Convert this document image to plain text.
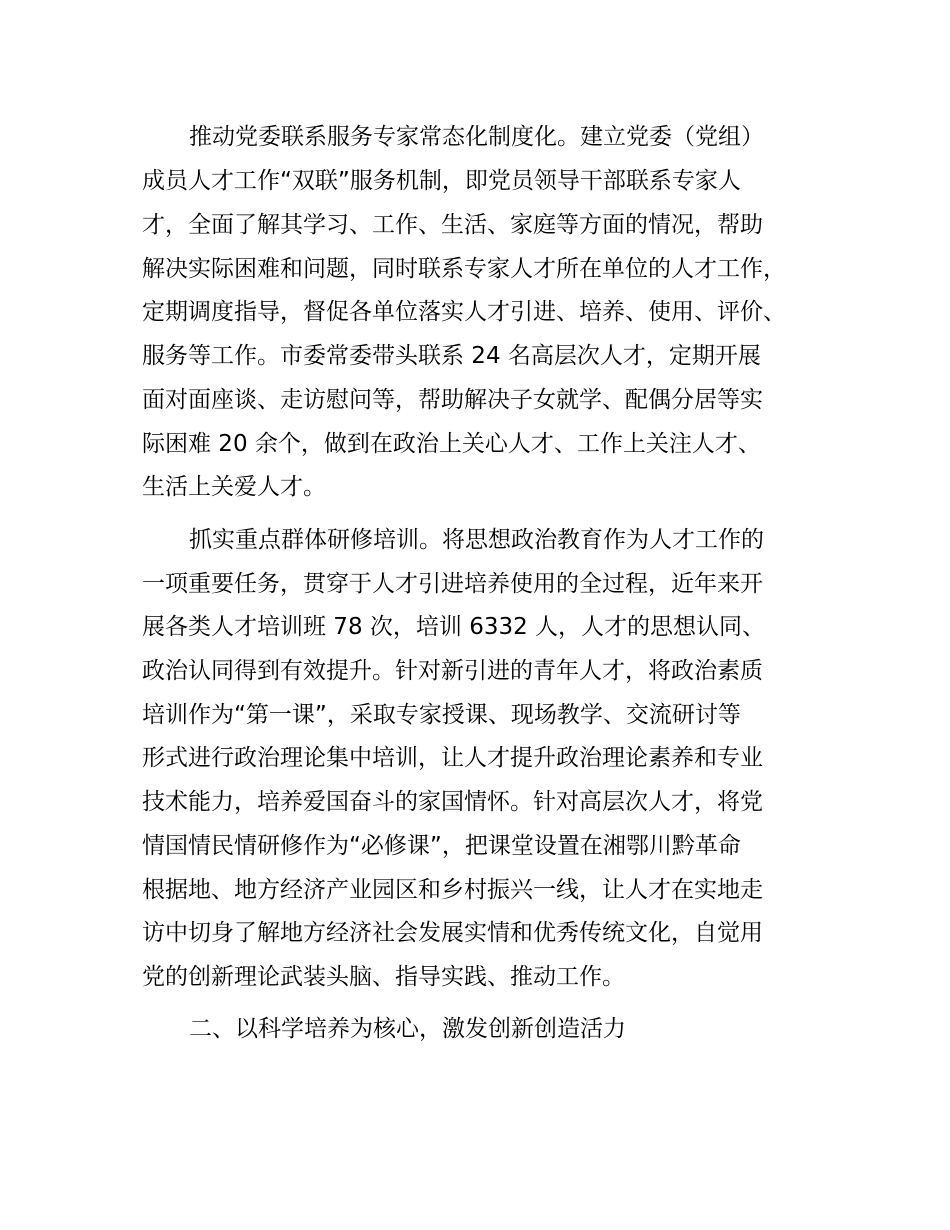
推动党委联系服务专家常态化制度化。建立党委（党组）

成员人才工作“双联”服务机制，即党员领导干部联系专家人

才，全面了解其学习、工作、生活、家庭等方面的情况，帮助

解决实际困难和问题，同时联系专家人才所在单位的人才工作，

定期调度指导，督促各单位落实人才引进、培养、使用、评价、

服务等工作。市委常委带头联系 24 名高层次人才，定期开展

面对面座谈、走访慰问等，帮助解决子女就学、配偶分居等实

际困难 20 余个，做到在政治上关心人才、工作上关注人才、

生活上关爱人才。

抓实重点群体研修培训。将思想政治教育作为人才工作的

一项重要任务，贯穿于人才引进培养使用的全过程，近年来开

展各类人才培训班 78 次，培训 6332 人，人才的思想认同、

政治认同得到有效提升。针对新引进的青年人才，将政治素质

培训作为“第一课”，采取专家授课、现场教学、交流研讨等

形式进行政治理论集中培训，让人才提升政治理论素养和专业

技术能力，培养爱国奋斗的家国情怀。针对高层次人才，将党

情国情民情研修作为“必修课”，把课堂设置在湘鄂川黔革命

根据地、地方经济产业园区和乡村振兴一线，让人才在实地走

访中切身了解地方经济社会发展实情和优秀传统文化，自觉用

党的创新理论武装头脑、指导实践、推动工作。

二、以科学培养为核心，激发创新创造活力
